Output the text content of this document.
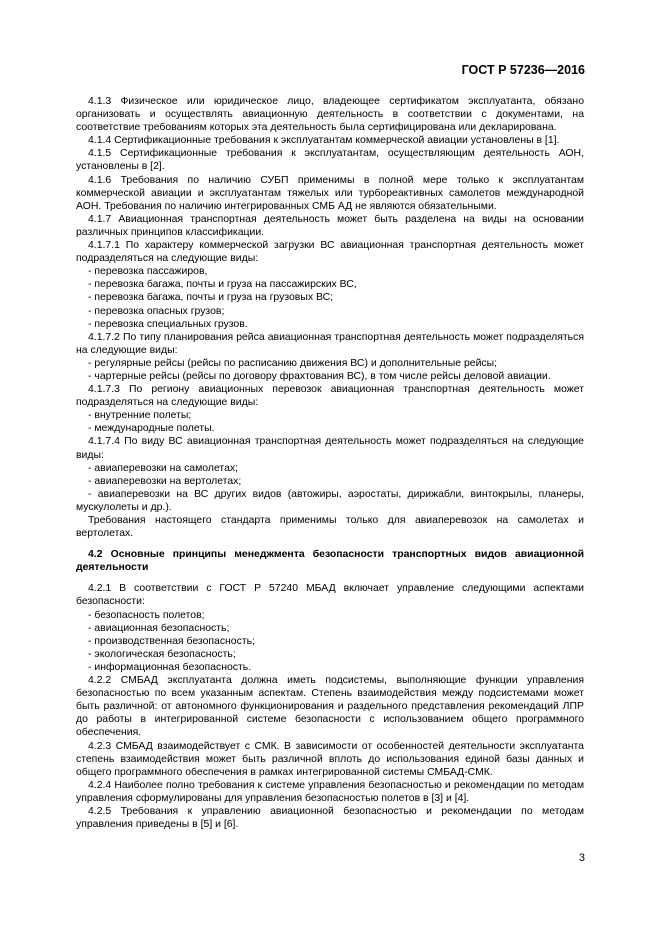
ГОСТ Р 57236—2016

4.1.3 Физическое или юридическое лицо, владеющее сертификатом эксплуатанта, обязано организовать и осуществлять авиационную деятельность в соответствии с документами, на соответствие требованиям которых эта деятельность была сертифицирована или декларирована.

4.1.4 Сертификационные требования к эксплуатантам коммерческой авиации установлены в [1].

4.1.5 Сертификационные требования к эксплуатантам, осуществляющим деятельность АОН, установлены в [2].

4.1.6 Требования по наличию СУБП применимы в полной мере только к эксплуатантам коммерческой авиации и эксплуатантам тяжелых или турбореактивных самолетов международной АОН. Требования по наличию интегрированных СМБ АД не являются обязательными.

4.1.7 Авиационная транспортная деятельность может быть разделена на виды на основании различных принципов классификации.

4.1.7.1 По характеру коммерческой загрузки ВС авиационная транспортная деятельность может подразделяться на следующие виды:

- перевозка пассажиров,

- перевозка багажа, почты и груза на пассажирских ВС,

- перевозка багажа, почты и груза на грузовых ВС;

- перевозка опасных грузов;

- перевозка специальных грузов.

4.1.7.2 По типу планирования рейса авиационная транспортная деятельность может подразделяться на следующие виды:

- регулярные рейсы (рейсы по расписанию движения ВС) и дополнительные рейсы;

- чартерные рейсы (рейсы по договору фрахтования ВС), в том числе рейсы деловой авиации.

4.1.7.3 По региону авиационных перевозок авиационная транспортная деятельность может подразделяться на следующие виды:

- внутренние полеты;

- международные полеты.

4.1.7.4 По виду ВС авиационная транспортная деятельность может подразделяться на следующие виды:

- авиаперевозки на самолетах;

- авиаперевозки на вертолетах;

- авиаперевозки на ВС других видов (автожиры, аэростаты, дирижабли, винтокрылы, планеры, мускулолеты и др.).

Требования настоящего стандарта применимы только для авиаперевозок на самолетах и вертолетах.

4.2 Основные принципы менеджмента безопасности транспортных видов авиационной деятельности

4.2.1 В соответствии с ГОСТ Р 57240 МБАД включает управление следующими аспектами безопасности:

- безопасность полетов;

- авиационная безопасность;

- производственная безопасность;

- экологическая безопасность;

- информационная безопасность.

4.2.2 СМБАД эксплуатанта должна иметь подсистемы, выполняющие функции управления безопасностью по всем указанным аспектам. Степень взаимодействия между подсистемами может быть различной: от автономного функционирования и раздельного представления рекомендаций ЛПР до работы в интегрированной системе безопасности с использованием общего программного обеспечения.

4.2.3 СМБАД взаимодействует с СМК. В зависимости от особенностей деятельности эксплуатанта степень взаимодействия может быть различной вплоть до использования единой базы данных и общего программного обеспечения в рамках интегрированной системы СМБАД-СМК.

4.2.4 Наиболее полно требования к системе управления безопасностью и рекомендации по методам управления сформулированы для управления безопасностью полетов в [3] и [4].

4.2.5 Требования к управлению авиационной безопасностью и рекомендации по методам управления приведены в [5] и [6].

3
